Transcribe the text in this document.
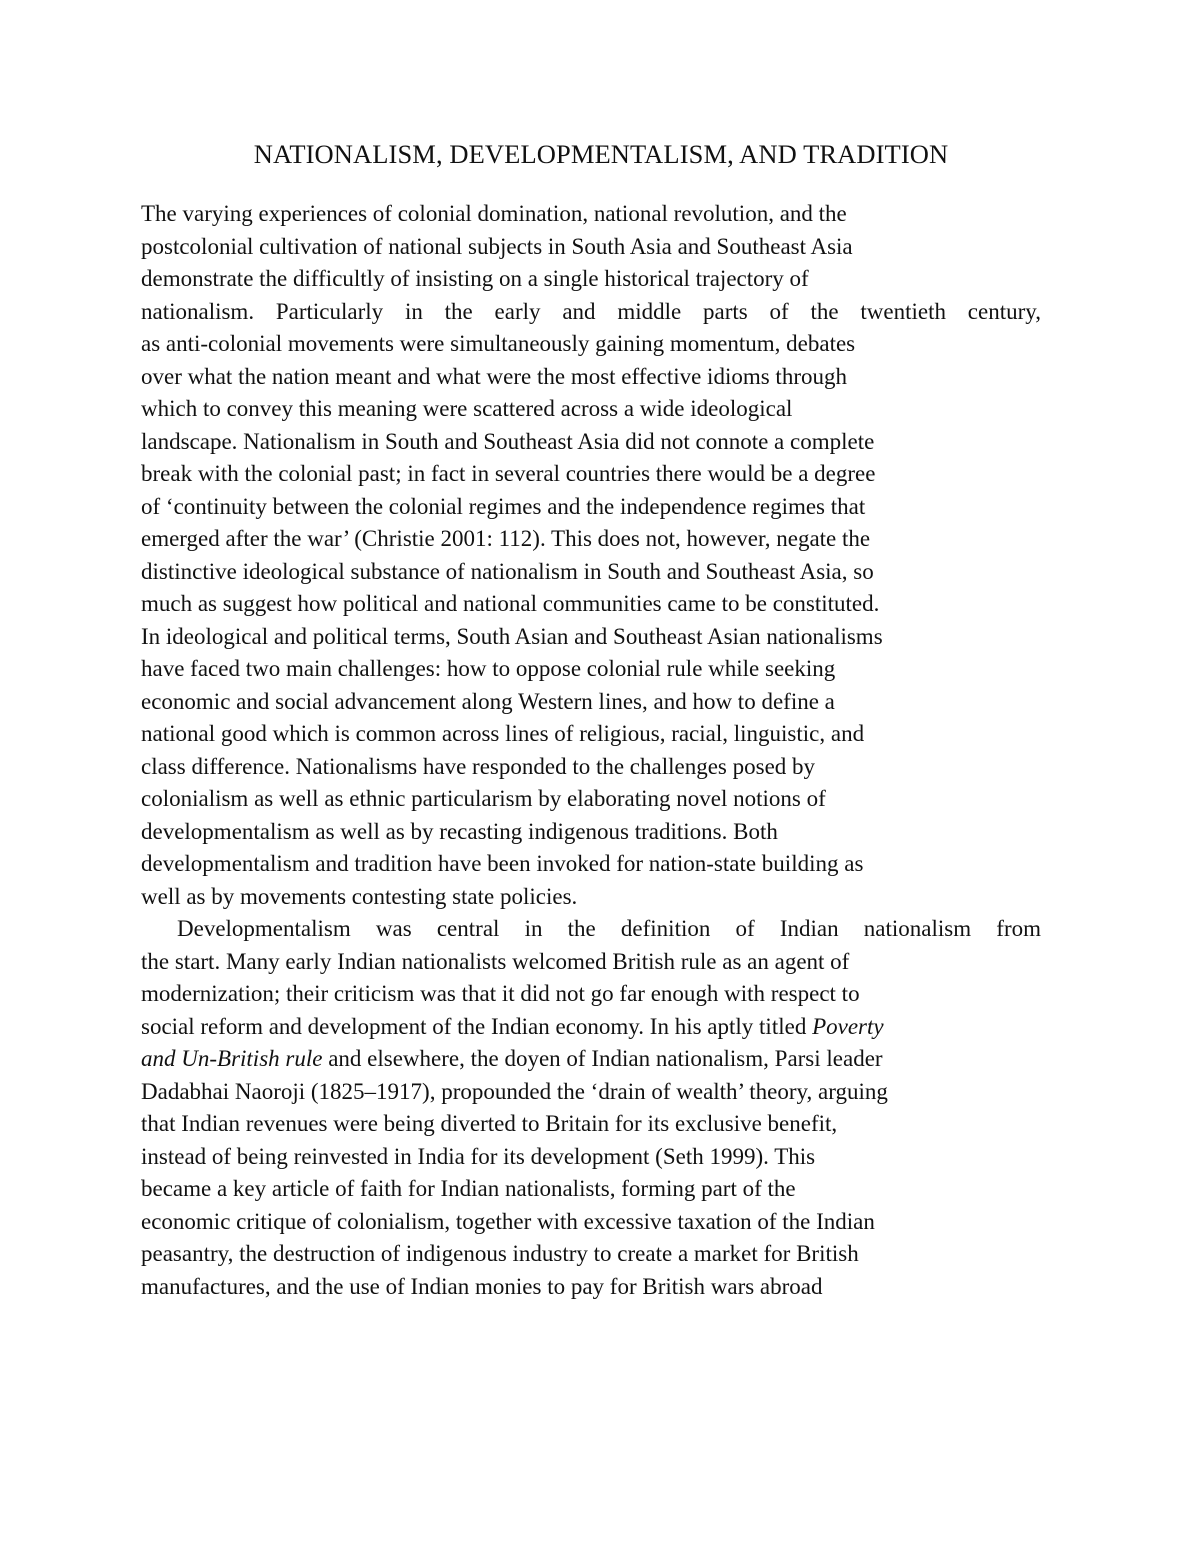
NATIONALISM, DEVELOPMENTALISM, AND TRADITION
The varying experiences of colonial domination, national revolution, and the
postcolonial cultivation of national subjects in South Asia and Southeast Asia
demonstrate the difficultly of insisting on a single historical trajectory of
nationalism. Particularly in the early and middle parts of the twentieth century,
as anti-colonial movements were simultaneously gaining momentum, debates
over what the nation meant and what were the most effective idioms through
which to convey this meaning were scattered across a wide ideological
landscape. Nationalism in South and Southeast Asia did not connote a complete
break with the colonial past; in fact in several countries there would be a degree
of ‘continuity between the colonial regimes and the independence regimes that
emerged after the war’ (Christie 2001: 112). This does not, however, negate the
distinctive ideological substance of nationalism in South and Southeast Asia, so
much as suggest how political and national communities came to be constituted.
In ideological and political terms, South Asian and Southeast Asian nationalisms
have faced two main challenges: how to oppose colonial rule while seeking
economic and social advancement along Western lines, and how to define a
national good which is common across lines of religious, racial, linguistic, and
class difference. Nationalisms have responded to the challenges posed by
colonialism as well as ethnic particularism by elaborating novel notions of
developmentalism as well as by recasting indigenous traditions. Both
developmentalism and tradition have been invoked for nation-state building as
well as by movements contesting state policies.
Developmentalism was central in the definition of Indian nationalism from
the start. Many early Indian nationalists welcomed British rule as an agent of
modernization; their criticism was that it did not go far enough with respect to
social reform and development of the Indian economy. In his aptly titled Poverty
and Un-British rule and elsewhere, the doyen of Indian nationalism, Parsi leader
Dadabhai Naoroji (1825–1917), propounded the ‘drain of wealth’ theory, arguing
that Indian revenues were being diverted to Britain for its exclusive benefit,
instead of being reinvested in India for its development (Seth 1999). This
became a key article of faith for Indian nationalists, forming part of the
economic critique of colonialism, together with excessive taxation of the Indian
peasantry, the destruction of indigenous industry to create a market for British
manufactures, and the use of Indian monies to pay for British wars abroad
